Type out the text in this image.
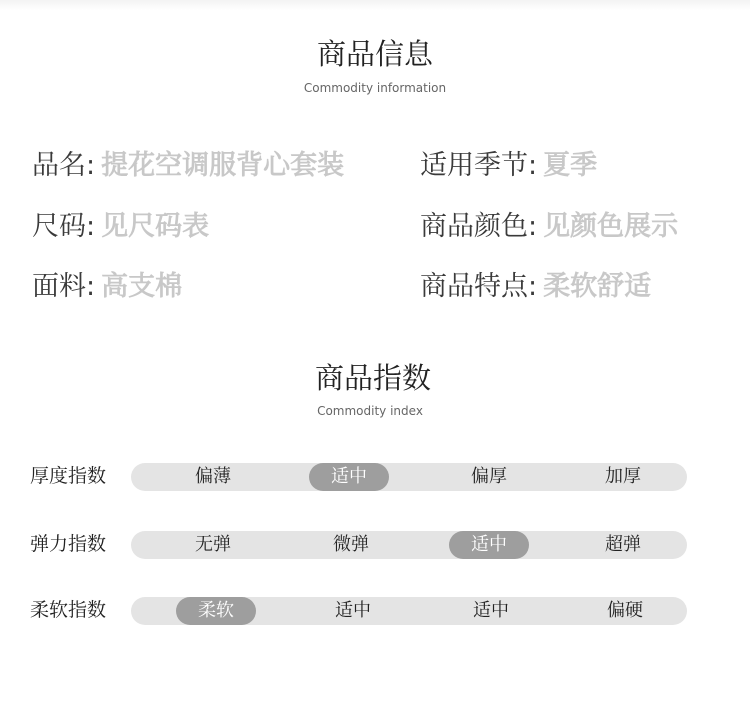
商品信息
Commodity information
品名: 提花空调服背心套装	适用季节: 夏季
尺码: 见尺码表	商品颜色: 见颜色展示
面料: 高支棉	商品特点: 柔软舒适
商品指数
Commodity index
厚度指数	偏薄	适中	偏厚	加厚
弹力指数	无弹	微弹	适中	超弹
柔软指数	柔软	适中	适中	偏硬
